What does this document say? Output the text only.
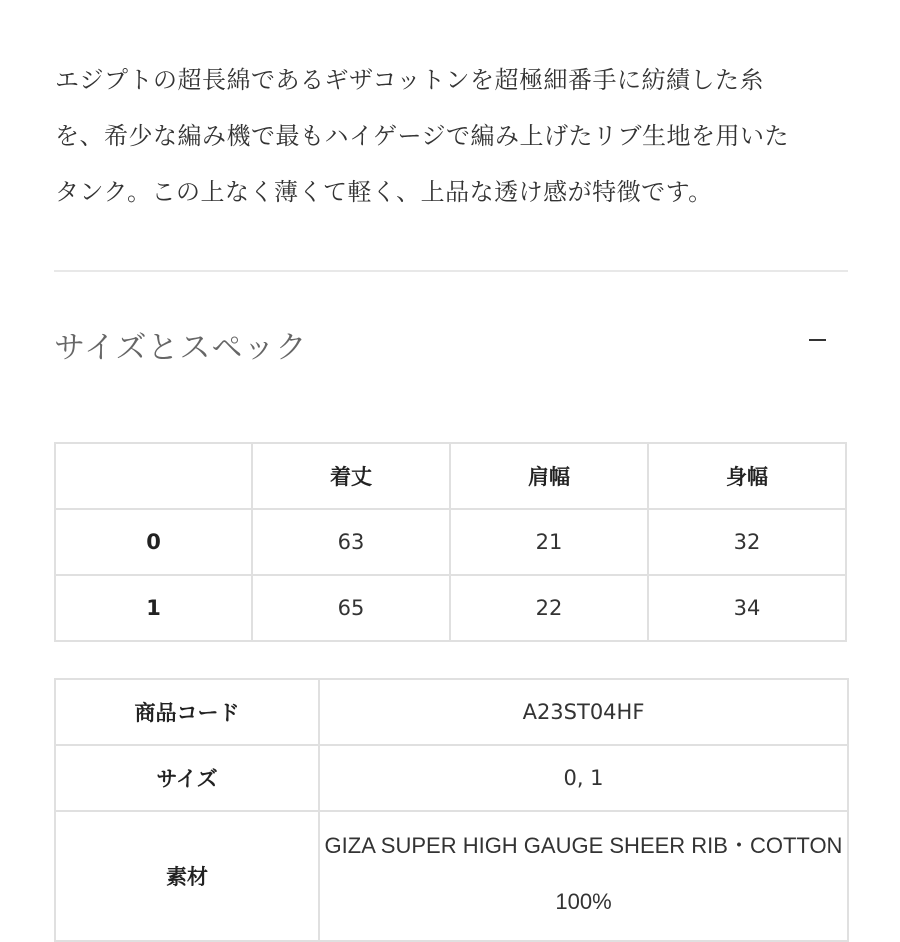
エジプトの超長綿であるギザコットンを超極細番手に紡績した糸
を、希少な編み機で最もハイゲージで編み上げたリブ生地を用いた
タンク。この上なく薄くて軽く、上品な透け感が特徴です。

サイズとスペック
	着丈	肩幅	身幅
0	63	21	32
1	65	22	34
商品コード	A23ST04HF
サイズ	0, 1
素材	GIZA SUPER HIGH GAUGE SHEER RIB・COTTON
100%
